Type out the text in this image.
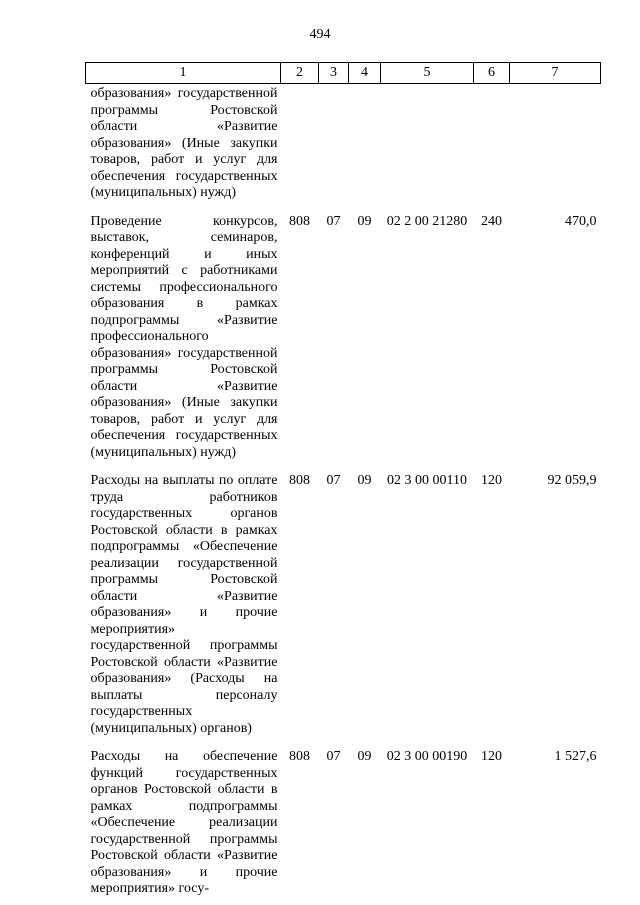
494
1	2	3	4	5	6	7
образования» государственной программы Ростовской области «Развитие образования» (Иные закупки товаров, работ и услуг для обеспечения государственных (муниципальных) нужд)						
Проведение конкурсов, выставок, семинаров, конференций и иных мероприятий с работниками системы профессионального образования в рамках подпрограммы «Развитие профессионального образования» государственной программы Ростовской области «Развитие образования» (Иные закупки товаров, работ и услуг для обеспечения государственных (муниципальных) нужд)	808	07	09	02 2 00 21280	240	470,0
Расходы на выплаты по оплате труда работников государственных органов Ростовской области в рамках подпрограммы «Обеспечение реализации государственной программы Ростовской области «Развитие образования» и прочие мероприятия» государственной программы Ростовской области «Развитие образования» (Расходы на выплаты персоналу государственных (муниципальных) органов)	808	07	09	02 3 00 00110	120	92 059,9
Расходы на обеспечение функций государственных органов Ростовской области в рамках подпрограммы «Обеспечение реализации государственной программы Ростовской области «Развитие образования» и прочие мероприятия» госу-	808	07	09	02 3 00 00190	120	1 527,6
